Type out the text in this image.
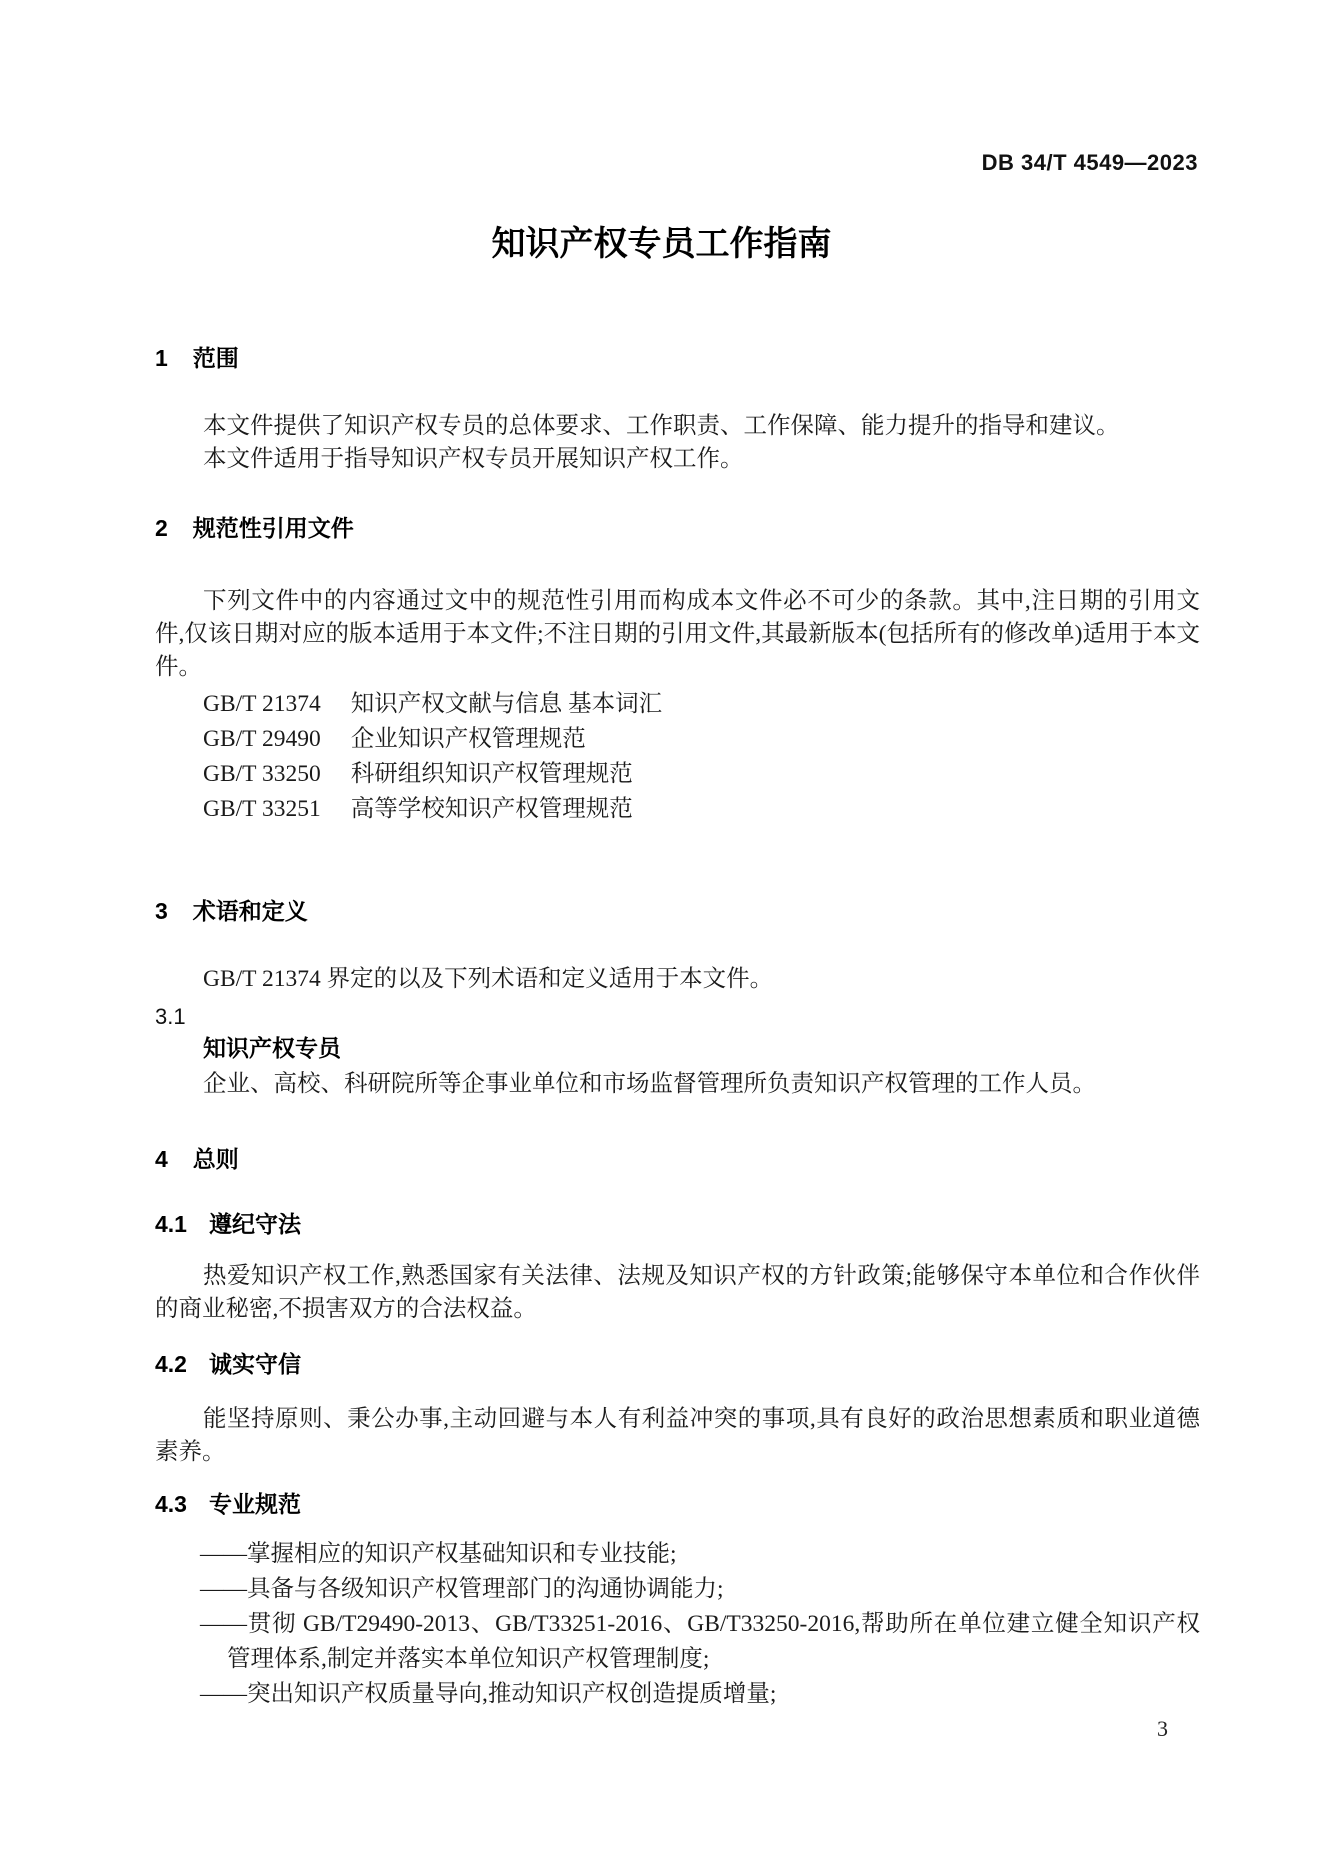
DB 34/T 4549—2023
知识产权专员工作指南
1 范围
本文件提供了知识产权专员的总体要求、工作职责、工作保障、能力提升的指导和建议。
本文件适用于指导知识产权专员开展知识产权工作。
2 规范性引用文件
下列文件中的内容通过文中的规范性引用而构成本文件必不可少的条款。其中,注日期的引用文件,仅该日期对应的版本适用于本文件;不注日期的引用文件,其最新版本(包括所有的修改单)适用于本文件。
GB/T 21374 知识产权文献与信息 基本词汇
GB/T 29490 企业知识产权管理规范
GB/T 33250 科研组织知识产权管理规范
GB/T 33251 高等学校知识产权管理规范
3 术语和定义
GB/T 21374 界定的以及下列术语和定义适用于本文件。
3.1
知识产权专员
企业、高校、科研院所等企事业单位和市场监督管理所负责知识产权管理的工作人员。
4 总则
4.1 遵纪守法
热爱知识产权工作,熟悉国家有关法律、法规及知识产权的方针政策;能够保守本单位和合作伙伴的商业秘密,不损害双方的合法权益。
4.2 诚实守信
能坚持原则、秉公办事,主动回避与本人有利益冲突的事项,具有良好的政治思想素质和职业道德素养。
4.3 专业规范
——掌握相应的知识产权基础知识和专业技能;
——具备与各级知识产权管理部门的沟通协调能力;
——贯彻 GB/T29490-2013、GB/T33251-2016、GB/T33250-2016,帮助所在单位建立健全知识产权管理体系,制定并落实本单位知识产权管理制度;
——突出知识产权质量导向,推动知识产权创造提质增量;
3
